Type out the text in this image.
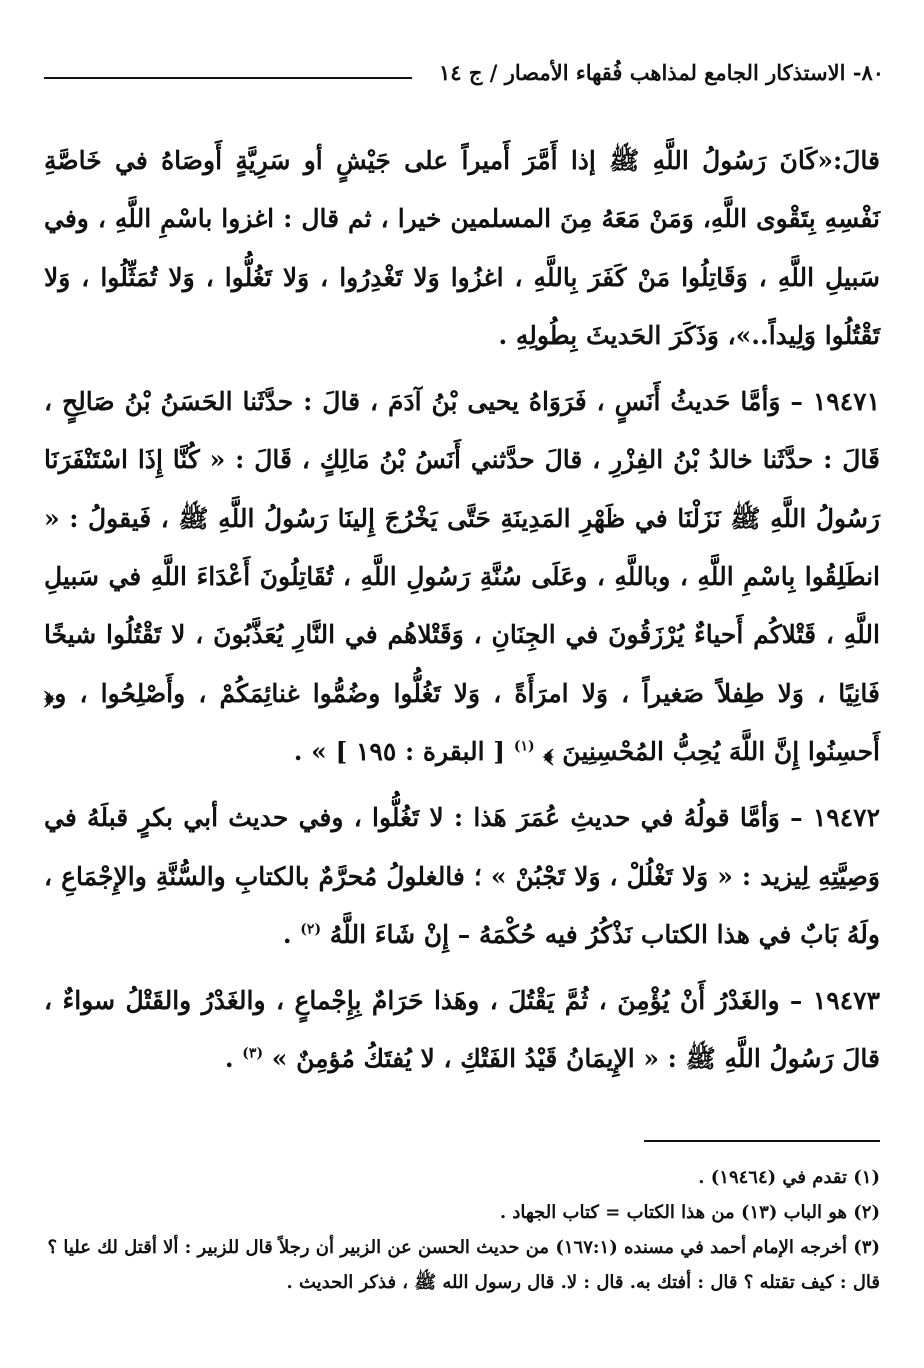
٨٠- الاستذكار الجامع لمذاهب فُقهاء الأمصار / ج ١٤

قالَ:«كَانَ رَسُولُ اللَّهِ ﷺ إذا أَمَّرَ أَميراً على جَيْشٍ أو سَرِيَّةٍ أَوصَاهُ في خَاصَّةِ نَفْسِهِ بِتَقْوى اللَّهِ، وَمَنْ مَعَهُ مِنَ المسلمين خيرا ، ثم قال : اغزوا باسْمِ اللَّهِ ، وفي سَبيلِ اللَّهِ ، وَقَاتِلُوا مَنْ كَفَرَ بِاللَّهِ ، اغزُوا وَلا تَغْدِرُوا ، وَلا تَغُلُّوا ، وَلا تُمَثِّلُوا ، وَلا تَقْتُلُوا وَلِيداً..»، وَذَكَرَ الحَديثَ بِطُولِهِ .

١٩٤٧١ – وَأمَّا حَديثُ أَنَسٍ ، فَرَوَاهُ يحيى بْنُ آدَمَ ، قالَ : حدَّثَنا الحَسَنُ بْنُ صَالِحٍ ، قَالَ : حدَّثَنا خالدُ بْنُ الفِزْرِ ، قالَ حدَّثني أَنَسُ بْنُ مَالِكٍ ، قَالَ : « كُنَّا إِذَا اسْتَنْفَرَنَا رَسُولُ اللَّهِ ﷺ نَزَلْنَا في ظَهْرِ المَدِينَةِ حَتَّى يَخْرُجَ إِلينَا رَسُولُ اللَّهِ ﷺ ، فَيقولُ : « انطَلِقُوا بِاسْمِ اللَّهِ ، وباللَّهِ ، وعَلَى سُنَّةِ رَسُولِ اللَّهِ ، تُقَاتِلُونَ أَعْدَاءَ اللَّهِ في سَبيلِ اللَّهِ ، قَتْلاكُم أَحياءٌ يُرْزَقُونَ في الجِنَانِ ، وَقَتْلاهُم في النَّارِ يُعَذَّبُونَ ، لا تَقْتُلُوا شيخًا فَانِيًا ، وَلا طِفلاً صَغيراً ، وَلا امرَأَةً ، وَلا تَغُلُّوا وضُمُّوا غنائِمَكُمْ ، وأَصْلِحُوا ، و﴿ أَحسِنُوا إِنَّ اللَّهَ يُحِبُّ المُحْسِنِينَ ﴾ $^{(١)}$ [ البقرة : ١٩٥ ] » .

١٩٤٧٢ – وَأمَّا قولُهُ في حديثِ عُمَرَ هَذا : لا تَغُلُّوا ، وفي حديث أبي بكرٍ قبلَهُ في وَصِيَّتِهِ لِيزيد : « وَلا تَغْلُلْ ، وَلا تَجْبُنْ » ؛ فالغلولُ مُحرَّمٌ بالكتابِ والسُّنَّةِ والإِجْمَاعِ ، ولَهُ بَابٌ في هذا الكتاب نَذْكُرُ فيه حُكْمَهُ – إِنْ شَاءَ اللَّهُ $^{(٢)}$ .

١٩٤٧٣ – والغَدْرُ أَنْ يُؤْمِنَ ، ثُمَّ يَقْتُلَ ، وهَذا حَرَامٌ بِإِجْماعٍ ، والغَدْرُ والقَتْلُ سواءٌ ، قالَ رَسُولُ اللَّهِ ﷺ : « الإِيمَانُ قَيْدُ الفَتْكِ ، لا يُفتَكُ مُؤمِنٌ » $^{(٣)}$ .

(١) تقدم في (١٩٤٦٤) .

(٢) هو الباب (١٣) من هذا الكتاب = كتاب الجهاد .

(٣) أخرجه الإمام أحمد في مسنده (١٦٧:١) من حديث الحسن عن الزبير أن رجلاً قال للزبير : ألا أقتل لك عليا ؟ قال : كيف تقتله ؟ قال : أفتك به. قال : لا. قال رسول الله ﷺ ، فذكر الحديث .
